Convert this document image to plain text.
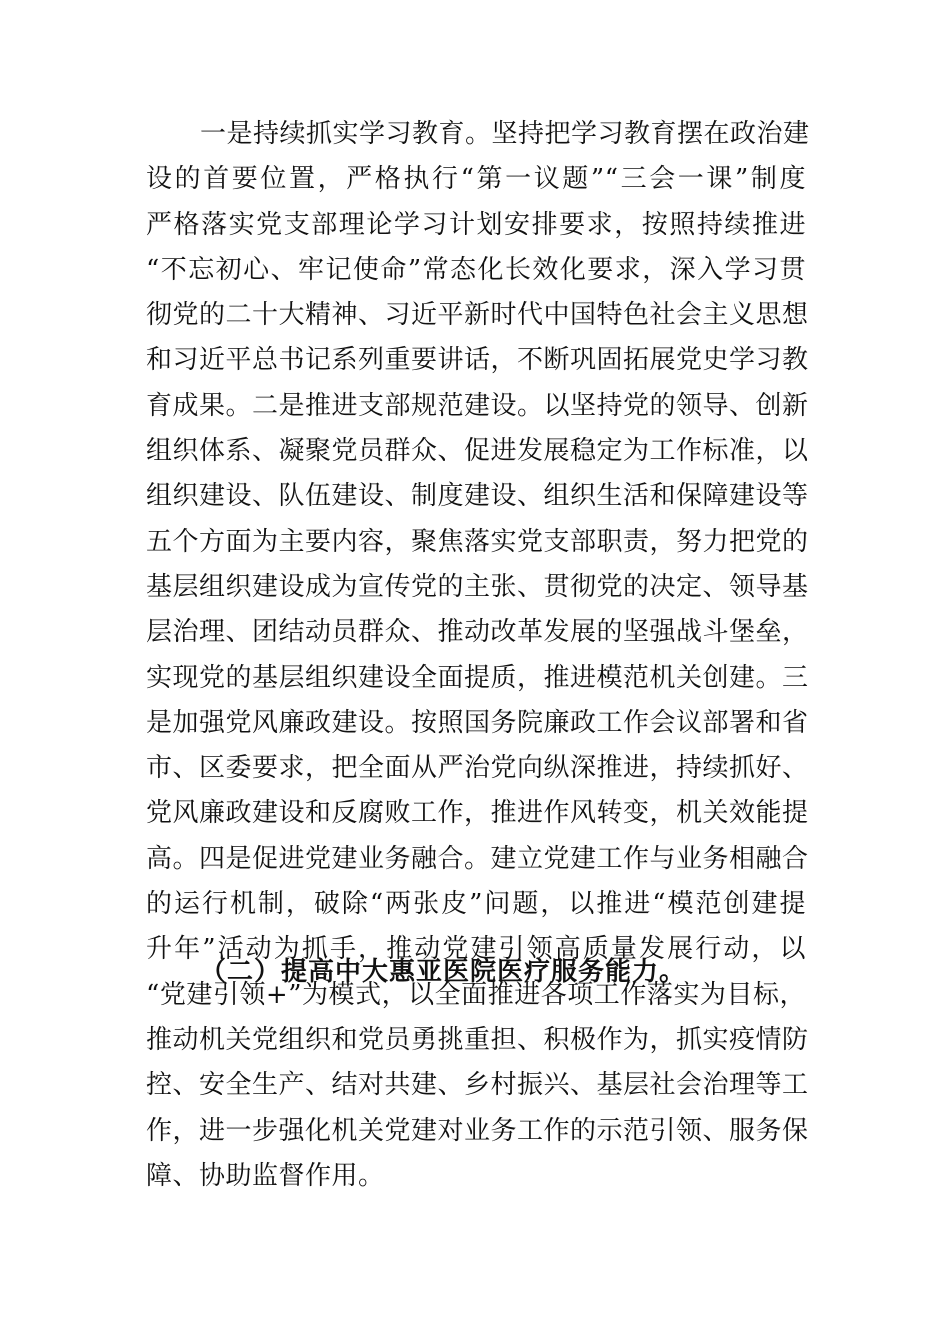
一是持续抓实学习教育。坚持把学习教育摆在政治建
设的首要位置，严格执行“第一议题”“三会一课”制度
严格落实党支部理论学习计划安排要求，按照持续推进
“不忘初心、牢记使命”常态化长效化要求，深入学习贯
彻党的二十大精神、习近平新时代中国特色社会主义思想
和习近平总书记系列重要讲话，不断巩固拓展党史学习教
育成果。二是推进支部规范建设。以坚持党的领导、创新
组织体系、凝聚党员群众、促进发展稳定为工作标准，以
组织建设、队伍建设、制度建设、组织生活和保障建设等
五个方面为主要内容，聚焦落实党支部职责，努力把党的
基层组织建设成为宣传党的主张、贯彻党的决定、领导基
层治理、团结动员群众、推动改革发展的坚强战斗堡垒，
实现党的基层组织建设全面提质，推进模范机关创建。三
是加强党风廉政建设。按照国务院廉政工作会议部署和省
市、区委要求，把全面从严治党向纵深推进，持续抓好、
党风廉政建设和反腐败工作，推进作风转变，机关效能提
高。四是促进党建业务融合。建立党建工作与业务相融合
的运行机制，破除“两张皮”问题，以推进“模范创建提
升年”活动为抓手，推动党建引领高质量发展行动，以
“党建引领+”为模式，以全面推进各项工作落实为目标，
推动机关党组织和党员勇挑重担、积极作为，抓实疫情防
控、安全生产、结对共建、乡村振兴、基层社会治理等工
作，进一步强化机关党建对业务工作的示范引领、服务保
障、协助监督作用。
（二）提高中大惠亚医院医疗服务能力。
